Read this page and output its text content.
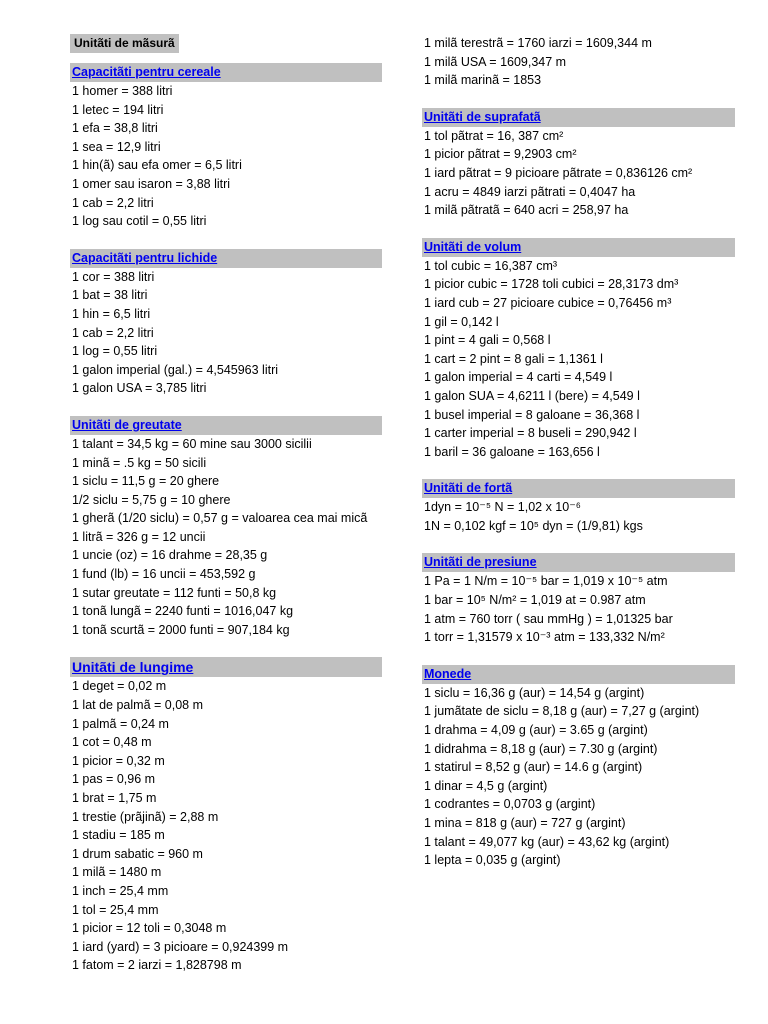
Unitãti de mãsurã
Capacitãti pentru cereale
1 homer = 388 litri
1 letec = 194 litri
1 efa = 38,8 litri
1 sea = 12,9 litri
1 hin(ã) sau efa omer = 6,5 litri
1 omer sau isaron = 3,88 litri
1 cab = 2,2 litri
1 log sau cotil = 0,55 litri
Capacitãti pentru lichide
1 cor = 388 litri
1 bat = 38 litri
1 hin = 6,5 litri
1 cab = 2,2 litri
1 log = 0,55 litri
1 galon imperial (gal.) = 4,545963 litri
1 galon USA = 3,785 litri
Unitãti de greutate
1 talant = 34,5 kg = 60 mine sau 3000 sicilii
1 minã = .5 kg = 50 sicili
1 siclu = 11,5 g = 20 ghere
1/2 siclu = 5,75 g = 10 ghere
1 gherã (1/20 siclu) = 0,57 g = valoarea cea mai micã
1 litrã = 326 g = 12 uncii
1 uncie (oz) = 16 drahme = 28,35 g
1 fund (lb) = 16 uncii = 453,592 g
1 sutar greutate = 112 funti = 50,8 kg
1 tonã lungã = 2240 funti = 1016,047 kg
1 tonã scurtã = 2000 funti = 907,184 kg
Unitãti de lungime
1 deget = 0,02 m
1 lat de palmã = 0,08 m
1 palmã = 0,24 m
1 cot = 0,48 m
1 picior = 0,32 m
1 pas = 0,96 m
1 brat = 1,75 m
1 trestie (prãjinã) = 2,88 m
1 stadiu = 185 m
1 drum sabatic = 960 m
1 milã = 1480 m
1 inch = 25,4 mm
1 tol = 25,4 mm
1 picior = 12 toli = 0,3048 m
1 iard (yard) = 3 picioare = 0,924399 m
1 fatom = 2 iarzi = 1,828798 m
1 milã terestrã = 1760 iarzi = 1609,344 m
1 milã USA = 1609,347 m
1 milã marinã = 1853
Unitãti de suprafatã
1 tol pãtrat = 16, 387 cm²
1 picior pãtrat = 9,2903 cm²
1 iard pãtrat = 9 picioare pãtrate = 0,836126 cm²
1 acru = 4849 iarzi pãtrati = 0,4047 ha
1 milã pãtratã = 640 acri = 258,97 ha
Unitãti de volum
1 tol cubic = 16,387 cm³
1 picior cubic = 1728 toli cubici = 28,3173 dm³
1 iard cub = 27 picioare cubice = 0,76456 m³
1 gil = 0,142 l
1 pint = 4 gali = 0,568 l
1 cart = 2 pint = 8 gali = 1,1361 l
1 galon imperial = 4 carti = 4,549 l
1 galon SUA = 4,6211 l (bere) = 4,549 l
1 busel imperial = 8 galoane = 36,368 l
1 carter imperial = 8 buseli = 290,942 l
1 baril = 36 galoane = 163,656 l
Unitãti de fortã
1dyn = 10⁻⁵ N = 1,02 x 10⁻⁶
1N = 0,102 kgf = 10⁵ dyn = (1/9,81) kgs
Unitãti de presiune
1 Pa = 1 N/m = 10⁻⁵ bar = 1,019 x 10⁻⁵ atm
1 bar = 10⁵ N/m² = 1,019 at = 0.987 atm
1 atm = 760 torr ( sau mmHg ) = 1,01325 bar
1 torr = 1,31579 x 10⁻³ atm = 133,332 N/m²
Monede
1 siclu = 16,36 g (aur) = 14,54 g (argint)
1 jumãtate de siclu = 8,18 g (aur) = 7,27 g (argint)
1 drahma = 4,09 g (aur) = 3.65 g (argint)
1 didrahma = 8,18 g (aur) = 7.30 g (argint)
1 statirul = 8,52 g (aur) = 14.6 g (argint)
1 dinar = 4,5 g (argint)
1 codrantes = 0,0703 g (argint)
1 mina = 818 g (aur) = 727 g (argint)
1 talant = 49,077 kg (aur) = 43,62 kg (argint)
1 lepta = 0,035 g (argint)
